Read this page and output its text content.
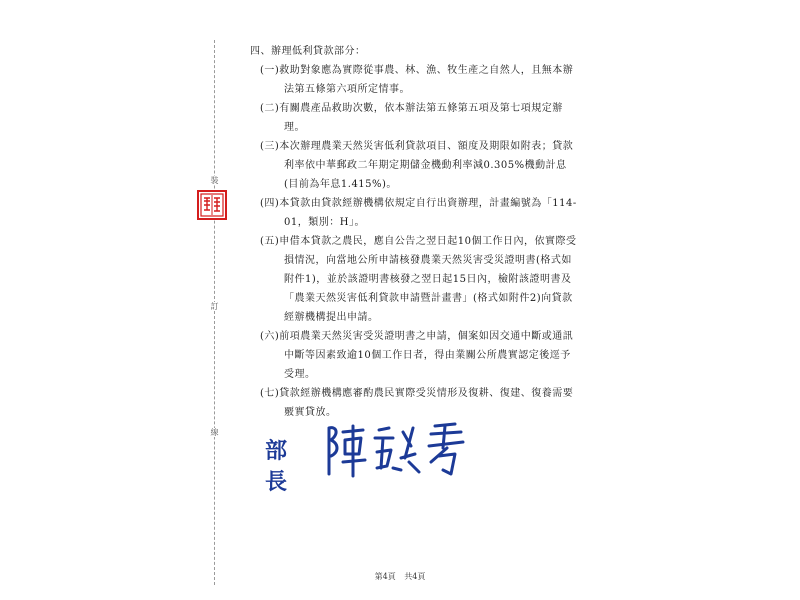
裝
訂
線

四、辦理低利貸款部分：

(一)救助對象應為實際從事農、林、漁、牧生產之自然人，且無本辦法第五條第六項所定情事。

(二)有關農產品救助次數，依本辦法第五條第五項及第七項規定辦理。

(三)本次辦理農業天然災害低利貸款項目、額度及期限如附表；貸款利率依中華郵政二年期定期儲金機動利率減0.305%機動計息(目前為年息1.415%)。

(四)本貸款由貸款經辦機構依規定自行出資辦理，計畫編號為「114-01，類別：H」。

(五)申借本貸款之農民，應自公告之翌日起10個工作日內，依實際受損情況，向當地公所申請核發農業天然災害受災證明書(格式如附件1)，並於該證明書核發之翌日起15日內，檢附該證明書及「農業天然災害低利貸款申請暨計畫書」(格式如附件2)向貸款經辦機構提出申請。

(六)前項農業天然災害受災證明書之申請，個案如因交通中斷或通訊中斷等因素致逾10個工作日者，得由業關公所農實認定後逕予受理。

(七)貸款經辦機構應審酌農民實際受災情形及復耕、復建、復養需要覈實貸放。

部長
第4頁 共4頁
